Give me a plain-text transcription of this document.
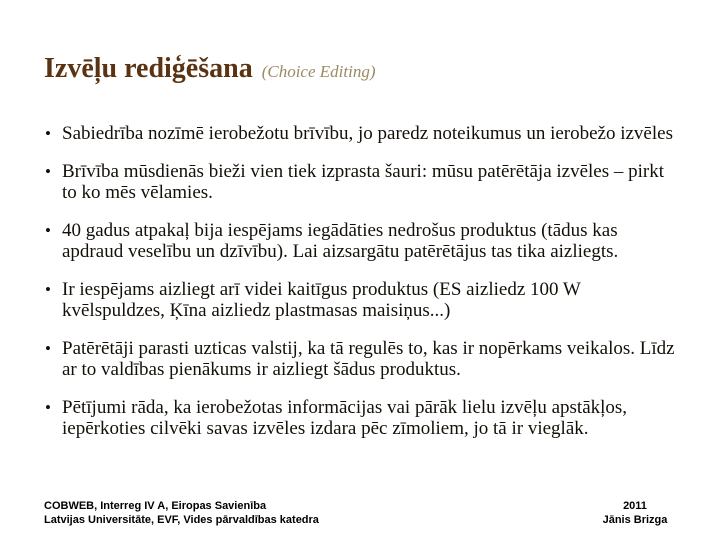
Izvēļu rediģēšana (Choice Editing)
• Sabiedrība nozīmē ierobežotu brīvību, jo paredz noteikumus un ierobežo izvēles
• Brīvība mūsdienās bieži vien tiek izprasta šauri: mūsu patērētāja izvēles – pirkt to ko mēs vēlamies.
• 40 gadus atpakaļ bija iespējams iegādāties nedrošus produktus (tādus kas apdraud veselību un dzīvību). Lai aizsargātu patērētājus tas tika aizliegts.
• Ir iespējams aizliegt arī videi kaitīgus produktus (ES aizliedz 100 W kvēlspuldzes, Ķīna aizliedz plastmasas maisiņus...)
• Patērētāji parasti uzticas valstij, ka tā regulēs to, kas ir nopērkams veikalos. Līdz ar to valdības pienākums ir aizliegt šādus produktus.
• Pētījumi rāda, ka ierobežotas informācijas vai pārāk lielu izvēļu apstākļos, iepērkoties cilvēki savas izvēles izdara pēc zīmoliem, jo tā ir vieglāk.
COBWEB, Interreg IV A, Eiropas Savienība
Latvijas Universitāte, EVF, Vides pārvaldības katedra
2011
Jānis Brizga
